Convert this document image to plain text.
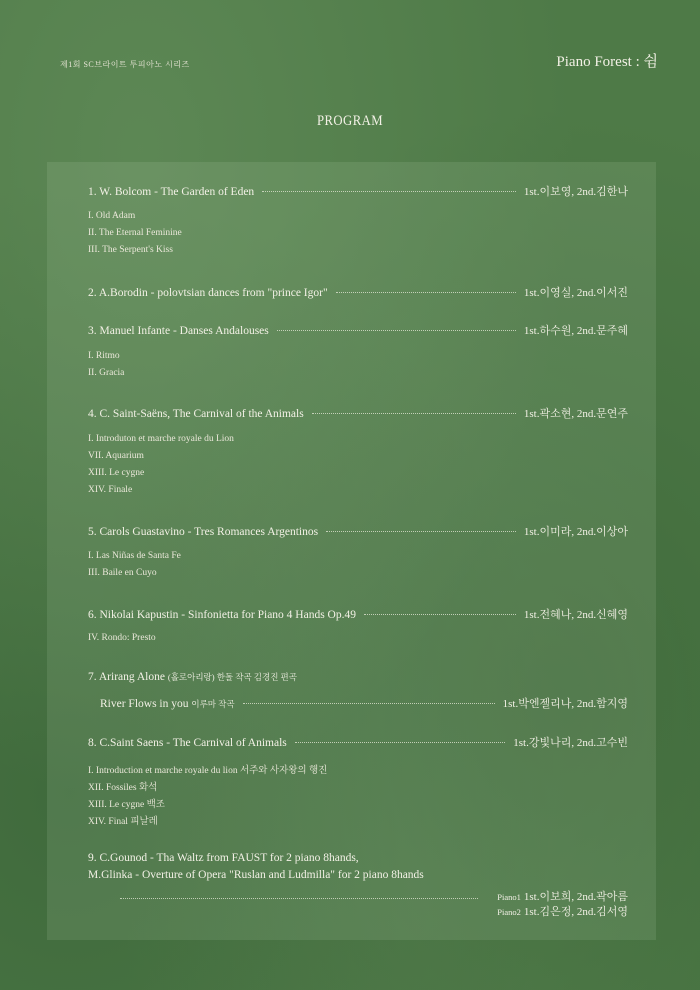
제1회 SC브라이트 투피아노 시리즈	Piano Forest : 쉼
PROGRAM
1. W. Bolcom - The Garden of Eden	1st.이보영, 2nd.김한나
I. Old Adam
II. The Eternal Feminine
III. The Serpent's Kiss
2. A.Borodin - polovtsian dances from "prince Igor"	1st.이영실, 2nd.이서진
3. Manuel Infante - Danses Andalouses	1st.하수원, 2nd.문주혜
I. Ritmo
II. Gracia
4. C. Saint-Saëns, The Carnival of the Animals	1st.곽소현, 2nd.문연주
I. Introduton et marche royale du Lion
VII. Aquarium
XIII. Le cygne
XIV. Finale
5. Carols Guastavino - Tres Romances Argentinos	1st.이미라, 2nd.이상아
I. Las Niñas de Santa Fe
III. Baile en Cuyo
6. Nikolai Kapustin - Sinfonietta for Piano 4 Hands Op.49	1st.전혜나, 2nd.신혜영
IV. Rondo: Presto
7. Arirang Alone (홀로아리랑) 한돌 작곡 김경진 편곡
River Flows in you 이루마 작곡	1st.박엔젤리나, 2nd.함지영
8. C.Saint Saens - The Carnival of Animals	1st.강빛나리, 2nd.고수빈
I. Introduction et marche royale du lion 서주와 사자왕의 행진
XII. Fossiles 화석
XIII. Le cygne 백조
XIV. Final 피날레
9. C.Gounod - Tha Waltz from FAUST for 2 piano 8hands,
M.Glinka - Overture of Opera "Ruslan and Ludmilla" for 2 piano 8hands
Piano1 1st.이보희, 2nd.곽아름
Piano2 1st.김은정, 2nd.김서영
